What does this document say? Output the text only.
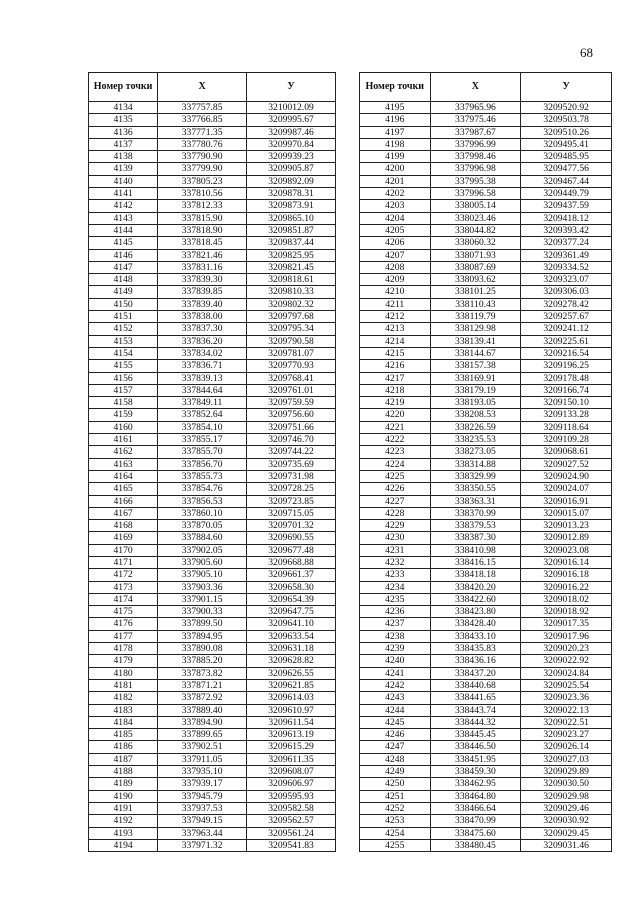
68
Номер точки	Х	У
4134	337757.85	3210012.09
4135	337766.85	3209995.67
4136	337771.35	3209987.46
4137	337780.76	3209970.84
4138	337790.90	3209939.23
4139	337799.90	3209905.87
4140	337805.23	3209892.09
4141	337810.56	3209878.31
4142	337812.33	3209873.91
4143	337815.90	3209865.10
4144	337818.90	3209851.87
4145	337818.45	3209837.44
4146	337821.46	3209825.95
4147	337831.16	3209821.45
4148	337839.30	3209818.61
4149	337839.85	3209810.33
4150	337839.40	3209802.32
4151	337838.00	3209797.68
4152	337837.30	3209795.34
4153	337836.20	3209790.58
4154	337834.02	3209781.07
4155	337836.71	3209770.93
4156	337839.13	3209768.41
4157	337844.64	3209761.01
4158	337849.11	3209759.59
4159	337852.64	3209756.60
4160	337854.10	3209751.66
4161	337855.17	3209746.70
4162	337855.70	3209744.22
4163	337856.70	3209735.69
4164	337855.73	3209731.98
4165	337854.76	3209728.25
4166	337856.53	3209723.85
4167	337860.10	3209715.05
4168	337870.05	3209701.32
4169	337884.60	3209690.55
4170	337902.05	3209677.48
4171	337905.60	3209668.88
4172	337905.10	3209661.37
4173	337903.36	3209658.30
4174	337901.15	3209654.39
4175	337900.33	3209647.75
4176	337899.50	3209641.10
4177	337894.95	3209633.54
4178	337890.08	3209631.18
4179	337885.20	3209628.82
4180	337873.82	3209626.55
4181	337871.21	3209621.85
4182	337872.92	3209614.03
4183	337889.40	3209610.97
4184	337894.90	3209611.54
4185	337899.65	3209613.19
4186	337902.51	3209615.29
4187	337911.05	3209611.35
4188	337935.10	3209608.07
4189	337939.17	3209606.97
4190	337945.79	3209595.93
4191	337937.53	3209582.58
4192	337949.15	3209562.57
4193	337963.44	3209561.24
4194	337971.32	3209541.83
Номер точки	Х	У
4195	337965.96	3209520.92
4196	337975.46	3209503.78
4197	337987.67	3209510.26
4198	337996.99	3209495.41
4199	337998.46	3209485.95
4200	337996.98	3209477.56
4201	337995.38	3209467.44
4202	337996.58	3209449.79
4203	338005.14	3209437.59
4204	338023.46	3209418.12
4205	338044.82	3209393.42
4206	338060.32	3209377.24
4207	338071.93	3209361.49
4208	338087.69	3209334.52
4209	338093.62	3209323.07
4210	338101.25	3209306.03
4211	338110.43	3209278.42
4212	338119.79	3209257.67
4213	338129.98	3209241.12
4214	338139.41	3209225.61
4215	338144.67	3209216.54
4216	338157.38	3209196.25
4217	338169.91	3209178.48
4218	338179.19	3209166.74
4219	338193.05	3209150.10
4220	338208.53	3209133.28
4221	338226.59	3209118.64
4222	338235.53	3209109.28
4223	338273.05	3209068.61
4224	338314.88	3209027.52
4225	338329.99	3209024.90
4226	338350.55	3209024.07
4227	338363.31	3209016.91
4228	338370.99	3209015.07
4229	338379.53	3209013.23
4230	338387.30	3209012.89
4231	338410.98	3209023.08
4232	338416.15	3209016.14
4233	338418.18	3209016.18
4234	338420.20	3209016.22
4235	338422.60	3209018.02
4236	338423.80	3209018.92
4237	338428.40	3209017.35
4238	338433.10	3209017.96
4239	338435.83	3209020.23
4240	338436.16	3209022.92
4241	338437.20	3209024.84
4242	338440.68	3209025.54
4243	338441.65	3209023.36
4244	338443.74	3209022.13
4245	338444.32	3209022.51
4246	338445.45	3209023.27
4247	338446.50	3209026.14
4248	338451.95	3209027.03
4249	338459.30	3209029.89
4250	338462.95	3209030.50
4251	338464.80	3209029.98
4252	338466.64	3209029.46
4253	338470.99	3209030.92
4254	338475.60	3209029.45
4255	338480.45	3209031.46
